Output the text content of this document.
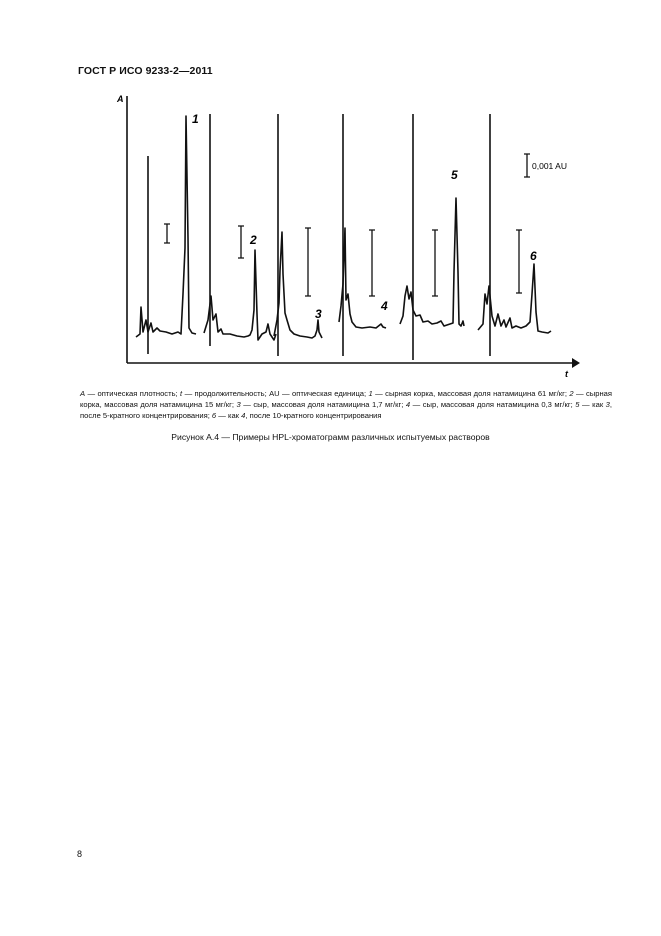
ГОСТ Р ИСО 9233-2—2011
A
t
0,001 AU
1
2
3
4
5
6
A — оптическая плотность; t — продолжительность; AU — оптическая единица; 1 — сырная корка, массовая доля натамицина 61 мг/кг; 2 — сырная корка, массовая доля натамицина 15 мг/кг; 3 — сыр, массовая доля натамицина 1,7 мг/кг; 4 — сыр, массовая доля натамицина 0,3 мг/кг; 5 — как 3, после 5-кратного концентрирования; 6 — как 4, после 10-кратного концентрирования
Рисунок А.4 — Примеры HPL-хроматограмм различных испытуемых растворов
8
